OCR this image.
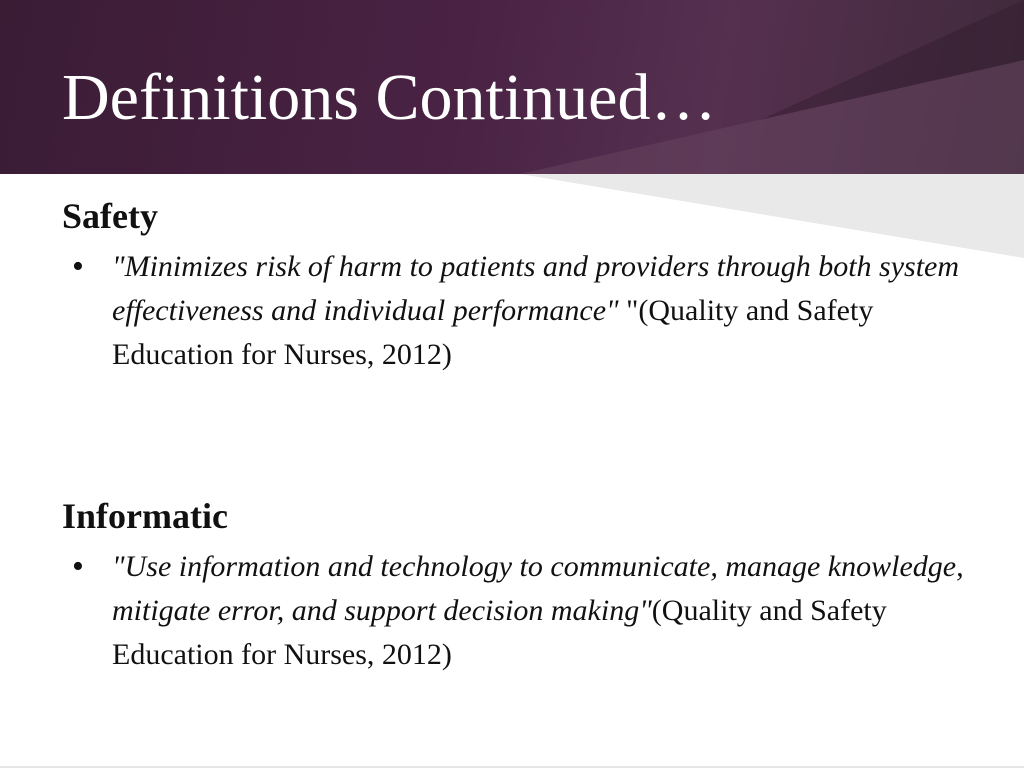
Definitions Continued…
Safety
• "Minimizes risk of harm to patients and providers through both system effectiveness and individual performance" "(Quality and Safety Education for Nurses, 2012)
Informatic
• "Use information and technology to communicate, manage knowledge, mitigate error, and support decision making"(Quality and Safety Education for Nurses, 2012)
